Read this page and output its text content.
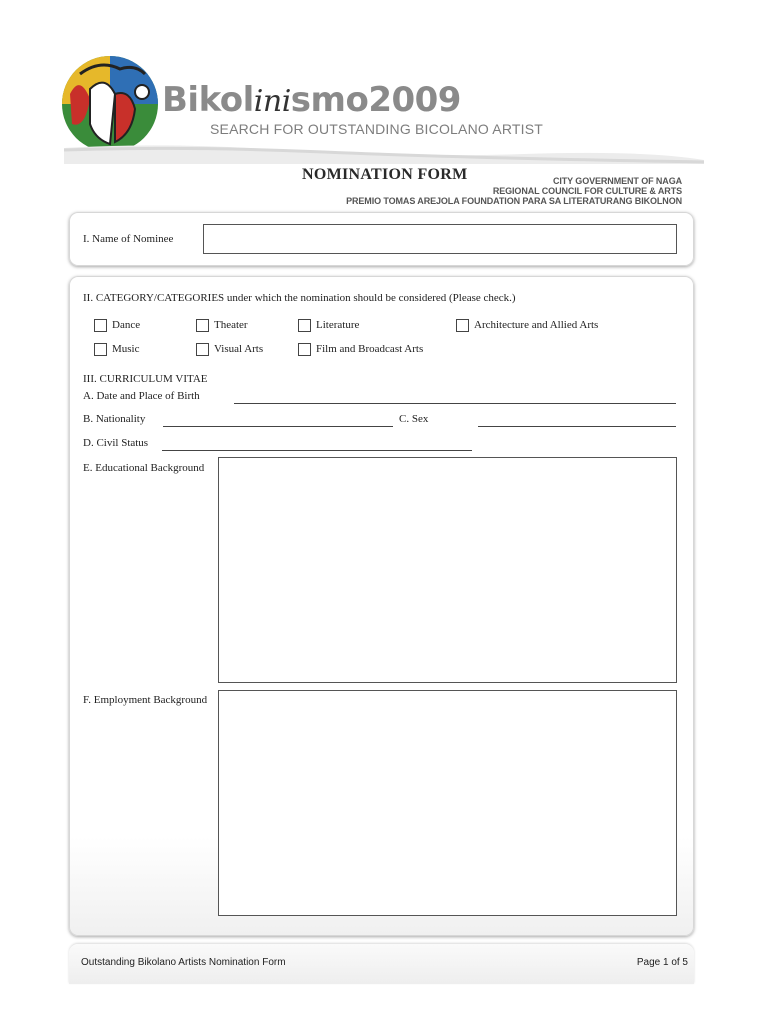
Bikolinismo2009
SEARCH FOR OUTSTANDING BICOLANO ARTIST
NOMINATION FORM	CITY GOVERNMENT OF NAGA
REGIONAL COUNCIL FOR CULTURE & ARTS
PREMIO TOMAS AREJOLA FOUNDATION PARA SA LITERATURANG BIKOLNON
I. Name of Nominee
II. CATEGORY/CATEGORIES under which the nomination should be considered (Please check.)
Dance	Theater	Literature	Architecture and Allied Arts
Music	Visual Arts	Film and Broadcast Arts
III. CURRICULUM VITAE
A. Date and Place of Birth
B. Nationality	C. Sex
D. Civil Status
E. Educational Background
F. Employment Background
Outstanding Bikolano Artists Nomination Form	Page 1 of 5
